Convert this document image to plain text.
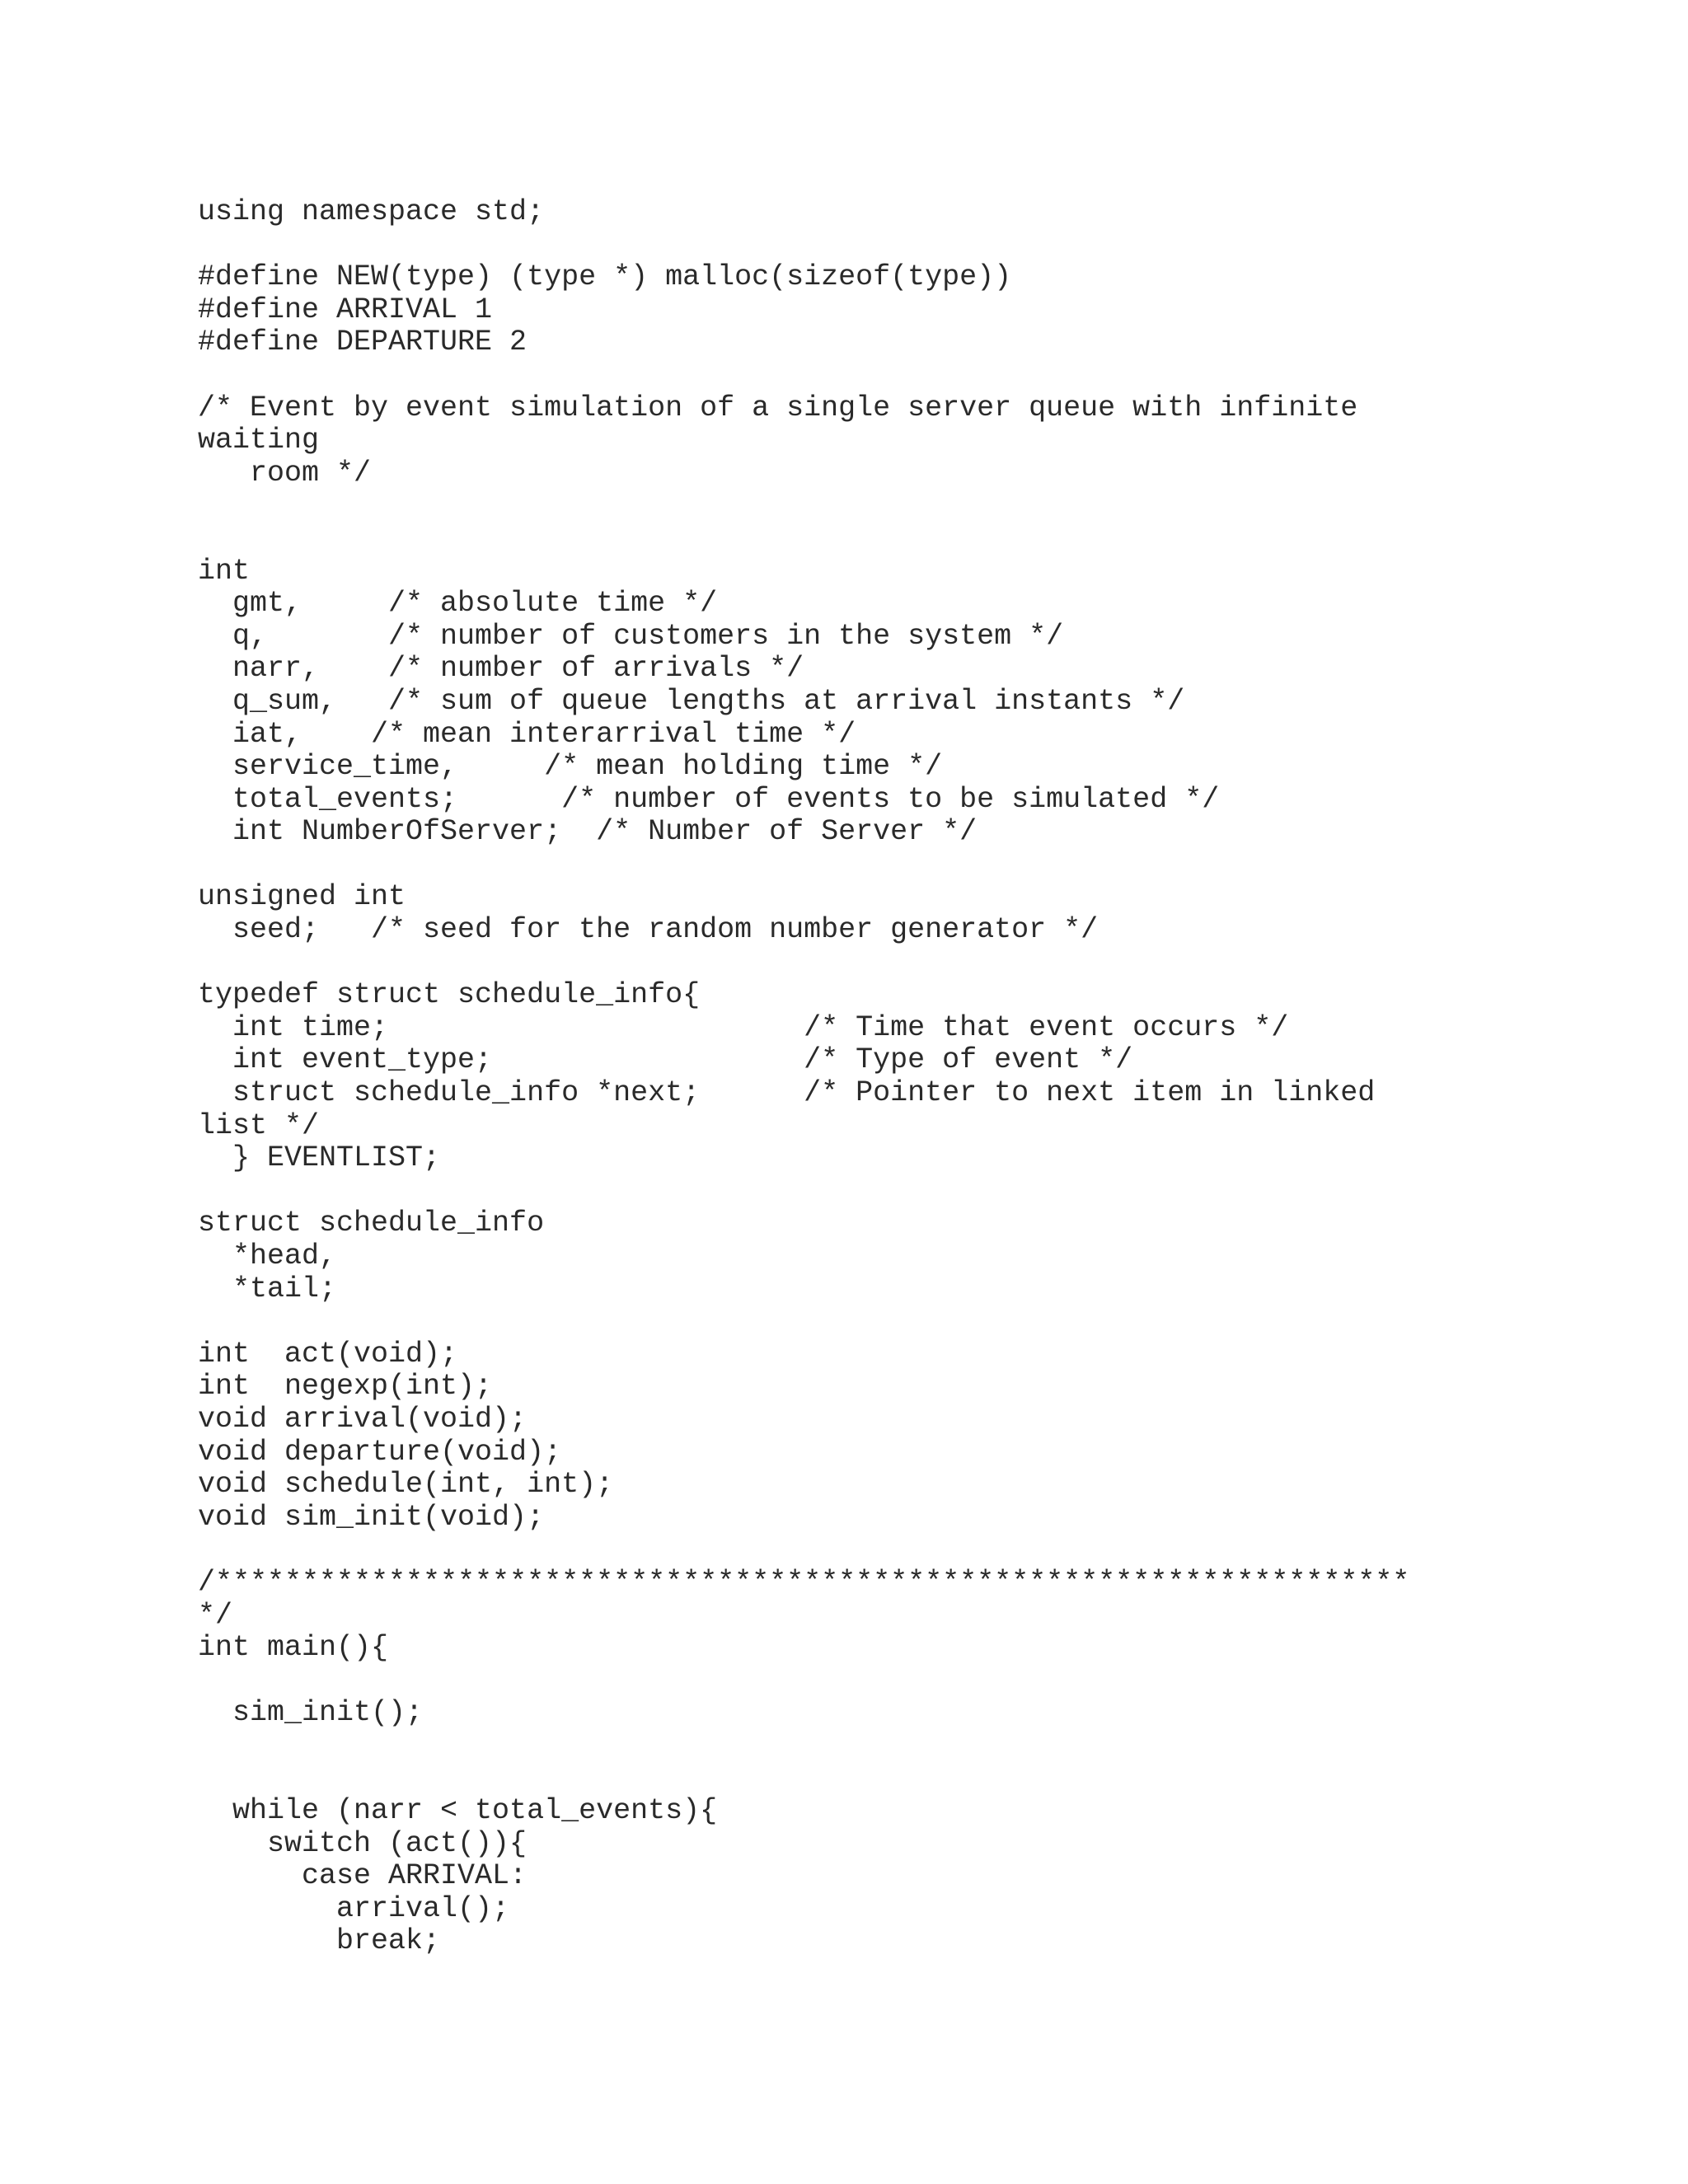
using namespace std;
#define NEW(type) (type *) malloc(sizeof(type))
#define ARRIVAL 1
#define DEPARTURE 2
/* Event by event simulation of a single server queue with infinite
waiting
room */
int
gmt,     /* absolute time */
q,       /* number of customers in the system */
narr,    /* number of arrivals */
q_sum,   /* sum of queue lengths at arrival instants */
iat,    /* mean interarrival time */
service_time,     /* mean holding time */
total_events;      /* number of events to be simulated */
int NumberOfServer;  /* Number of Server */
unsigned int
seed;   /* seed for the random number generator */
typedef struct schedule_info{
int time;                        /* Time that event occurs */
int event_type;                  /* Type of event */
struct schedule_info *next;      /* Pointer to next item in linked
list */
} EVENTLIST;
struct schedule_info
*head,
*tail;
int  act(void);
int  negexp(int);
void arrival(void);
void departure(void);
void schedule(int, int);
void sim_init(void);
/*********************************************************************
*/
int main(){
sim_init();
while (narr < total_events){
switch (act()){
case ARRIVAL:
arrival();
break;
